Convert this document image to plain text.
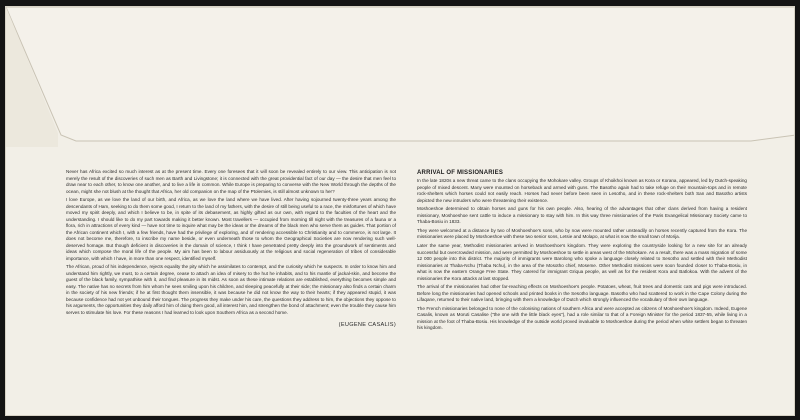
Never has Africa excited so much interest as at the present time. Every one foresees that it will soon be revealed entirely to our view. This anticipation is not merely the result of the discoveries of such men as Barth and Livingstone; it is connected with the great providential fact of our day — the desire that men feel to draw near to each other, to know one another, and to live a life in common. While Europe is preparing to converse with the New World through the depths of the ocean, might she not blush at the thought that Africa, her old companion on the map of the Ptolemies, is still almost unknown to her?

I love Europe, as we love the land of our birth, and Africa, as we love the land where we have lived. After having sojourned twenty-three years among the descendants of Ham, seeking to do them some good, I return to the land of my fathers, with the desire of still being useful to a race, the misfortunes of which have moved my spirit deeply, and which I believe to be, in spite of its debasement, as highly gifted as our own, with regard to the faculties of the heart and the understanding. I should like to do my part towards making it better known. Most travellers — occupied from morning till night with the treasures of a fauna or a flora, rich in attractions of every kind — have not time to inquire what may be the ideas or the dreams of the black men who serve them as guides. That portion of the African continent which I, with a few friends, have had the privilege of exploring, and of rendering accessible to Christianity and to commerce, is not large. It does not become me, therefore, to inscribe my name beside, or even underneath those to whom the Geographical Societies are now rendering such well-deserved homage. But though deficient in discoveries in the domain of science, I think I have penetrated pretty deeply into the groundwork of sentiments and ideas which compose the moral life of the people. My aim has been to labour assiduously at the religious and social regeneration of tribes of considerable importance, with which I have, in more than one respect, identified myself.

The African, proud of his independence, rejects equality the pity which he assimilates to contempt, and the curiosity which he suspects. In order to know him and understand him rightly, we must, to a certain degree, cease to attach an idea of misery to the hut he inhabits, and to his mantle of jackal-skin, and become the guest of the black family, sympathise with it, and find pleasure in its midst. As soon as these intimate relations are established, everything becomes simple and easy. The native has no secrets from him whom he sees smiling upon his children, and sleeping peacefully at their side; the missionary also finds a certain charm in the society of his new friends; if he at first thought them insensible, it was because he did not know the way to their hearts; if they appeared stupid, it was because confidence had not yet unbound their tongues. The progress they make under his care, the questions they address to him, the objections they oppose to his arguments, the opportunities they daily afford him of doing them good, all interest him, and strengthen the bond of attachment; even the trouble they cause him serves to stimulate his love. For these reasons I had learned to look upon Southern Africa as a second home.

(EUGENE CASALIS)
ARRIVAL OF MISSIONARIES

In the late 1820s a new threat came to the clans occupying the Mohokare valley. Groups of Khoikhoi known as Kora or Korana, appeared, led by Dutch-speaking people of mixed descent. Many were mounted on horseback and armed with guns. The Basotho again had to take refuge on their mountain-tops and in remote rock-shelters which horses could not easily reach. Horses had never before been seen in Lesotho, and in these rock-shelters both San and Basotho artists depicted the new intruders who were threatening their existence.

Moshoeshoe determined to obtain horses and guns for his own people. Also, hearing of the advantages that other clans derived from having a resident missionary, Moshoeshoe sent cattle to induce a missionary to stay with him. In this way three missionaries of the Paris Evangelical Missionary Society came to Thaba-Bosiu in 1833.

They were welcomed at a distance by two of Moshoeshoe's sons, who by now were mounted rather unsteadily on horses recently captured from the Kora. The missionaries were placed by Moshoeshoe with these two senior sons, Letsie and Molapo, at what is now the small town of Morija.

Later the same year, Methodist missionaries arrived in Moshoeshoe's kingdom. They were exploring the countryside looking for a new site for an already successful but overcrowded mission, and were permitted by Moshoeshoe to settle in areas west of the Mohokare. As a result, there was a mass migration of some 12 000 people into this district. The majority of immigrants were Barolong who spoke a language closely related to Sesotho and settled with their Methodist missionaries at Thaba-Nchu (Thaba Nchu), in the area of the Mosotho chief, Moseme. Other Methodist missions were soon founded closer to Thaba-Bosiu, in what is now the eastern Orange Free State. They catered for immigrant Griqua people, as well as for the resident Kora and Batlokoa. With the advent of the missionaries the Kora attacks at last stopped.

The arrival of the missionaries had other far-reaching effects on Moshoeshoe's people. Potatoes, wheat, fruit trees and domestic cats and pigs were introduced. Before long the missionaries had opened schools and printed books in the Sesotho language. Basotho who had scattered to work in the Cape Colony during the Lifaqane, returned to their native land, bringing with them a knowledge of Dutch which strongly influenced the vocabulary of their own language.

The French missionaries belonged to none of the colonising nations of southern Africa and were accepted as citizens of Moshoeshoe's kingdom. Indeed, Eugene Casalis, known as Moruti Casalise ("the one with the little black eyes"), had a role similar to that of a Foreign Minister for the period 1837-55, while living in a mission at the foot of Thaba-Bosiu. His knowledge of the outside world proved invaluable to Moshoeshoe during the period when white settlers began to threaten his kingdom.
